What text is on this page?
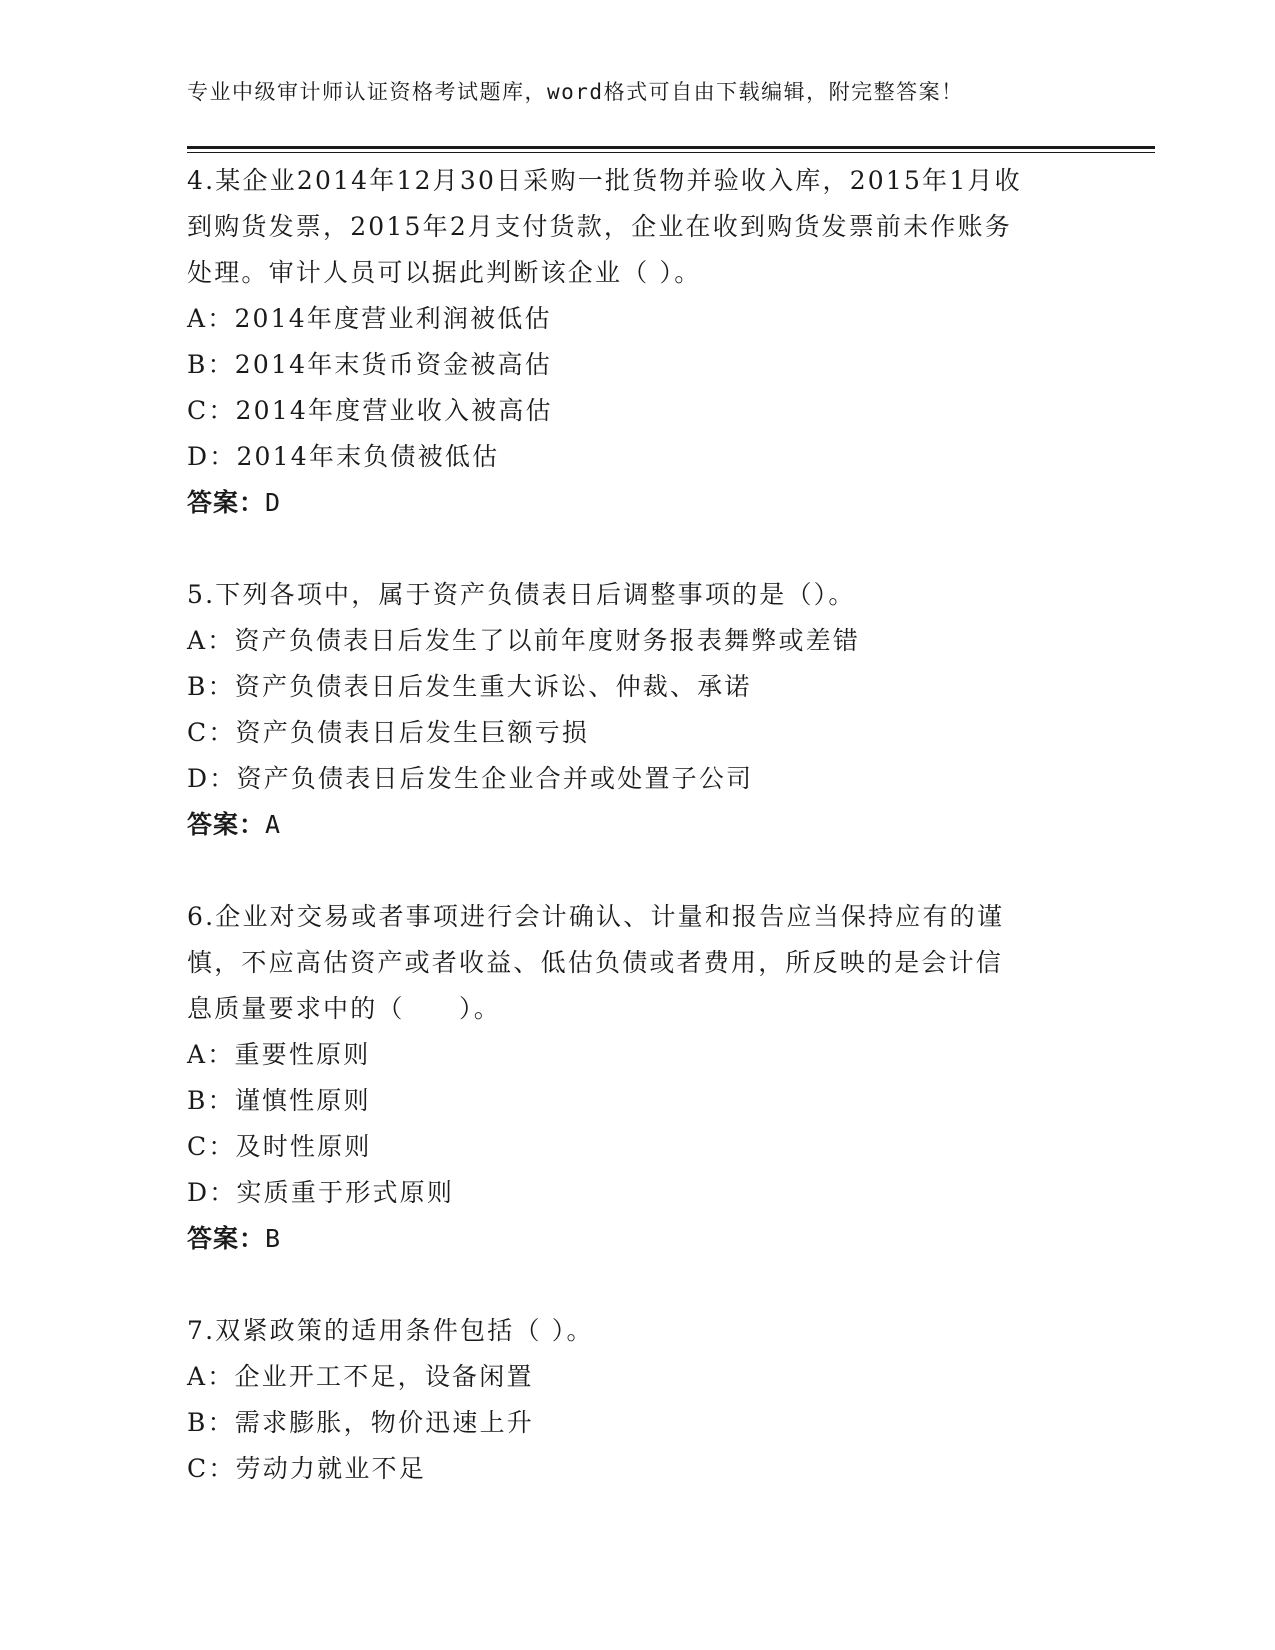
专业中级审计师认证资格考试题库，word格式可自由下载编辑，附完整答案！
4.某企业2014年12月30日采购一批货物并验收入库，2015年1月收
到购货发票，2015年2月支付货款，企业在收到购货发票前未作账务
处理。审计人员可以据此判断该企业（ ）。
A：2014年度营业利润被低估
B：2014年末货币资金被高估
C：2014年度营业收入被高估
D：2014年末负债被低估
答案：D
5.下列各项中，属于资产负债表日后调整事项的是（）。
A：资产负债表日后发生了以前年度财务报表舞弊或差错
B：资产负债表日后发生重大诉讼、仲裁、承诺
C：资产负债表日后发生巨额亏损
D：资产负债表日后发生企业合并或处置子公司
答案：A
6.企业对交易或者事项进行会计确认、计量和报告应当保持应有的谨
慎，不应高估资产或者收益、低估负债或者费用，所反映的是会计信
息质量要求中的（　　）。
A：重要性原则
B：谨慎性原则
C：及时性原则
D：实质重于形式原则
答案：B
7.双紧政策的适用条件包括（ ）。
A：企业开工不足，设备闲置
B：需求膨胀，物价迅速上升
C：劳动力就业不足
